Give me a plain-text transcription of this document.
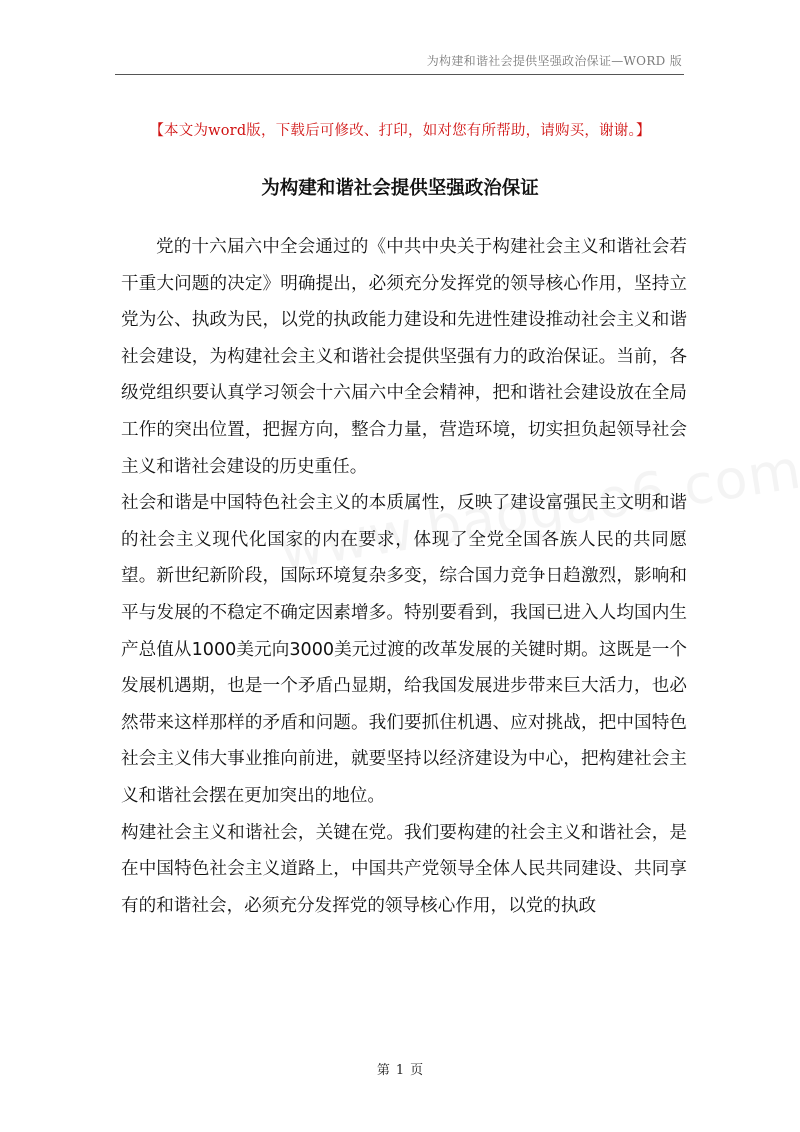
为构建和谐社会提供坚强政治保证—WORD 版
【本文为word版，下载后可修改、打印，如对您有所帮助，请购买，谢谢。】
为构建和谐社会提供坚强政治保证

党的十六届六中全会通过的《中共中央关于构建社会主义和谐社会若干重大问题的决定》明确提出，必须充分发挥党的领导核心作用，坚持立党为公、执政为民，以党的执政能力建设和先进性建设推动社会主义和谐社会建设，为构建社会主义和谐社会提供坚强有力的政治保证。当前，各级党组织要认真学习领会十六届六中全会精神，把和谐社会建设放在全局工作的突出位置，把握方向，整合力量，营造环境，切实担负起领导社会主义和谐社会建设的历史重任。

社会和谐是中国特色社会主义的本质属性，反映了建设富强民主文明和谐的社会主义现代化国家的内在要求，体现了全党全国各族人民的共同愿望。新世纪新阶段，国际环境复杂多变，综合国力竞争日趋激烈，影响和平与发展的不稳定不确定因素增多。特别要看到，我国已进入人均国内生产总值从1000美元向3000美元过渡的改革发展的关键时期。这既是一个发展机遇期，也是一个矛盾凸显期，给我国发展进步带来巨大活力，也必然带来这样那样的矛盾和问题。我们要抓住机遇、应对挑战，把中国特色社会主义伟大事业推向前进，就要坚持以经济建设为中心，把构建社会主义和谐社会摆在更加突出的地位。

构建社会主义和谐社会，关键在党。我们要构建的社会主义和谐社会，是在中国特色社会主义道路上，中国共产党领导全体人民共同建设、共同享有的和谐社会，必须充分发挥党的领导核心作用，以党的执政

第 1 页
